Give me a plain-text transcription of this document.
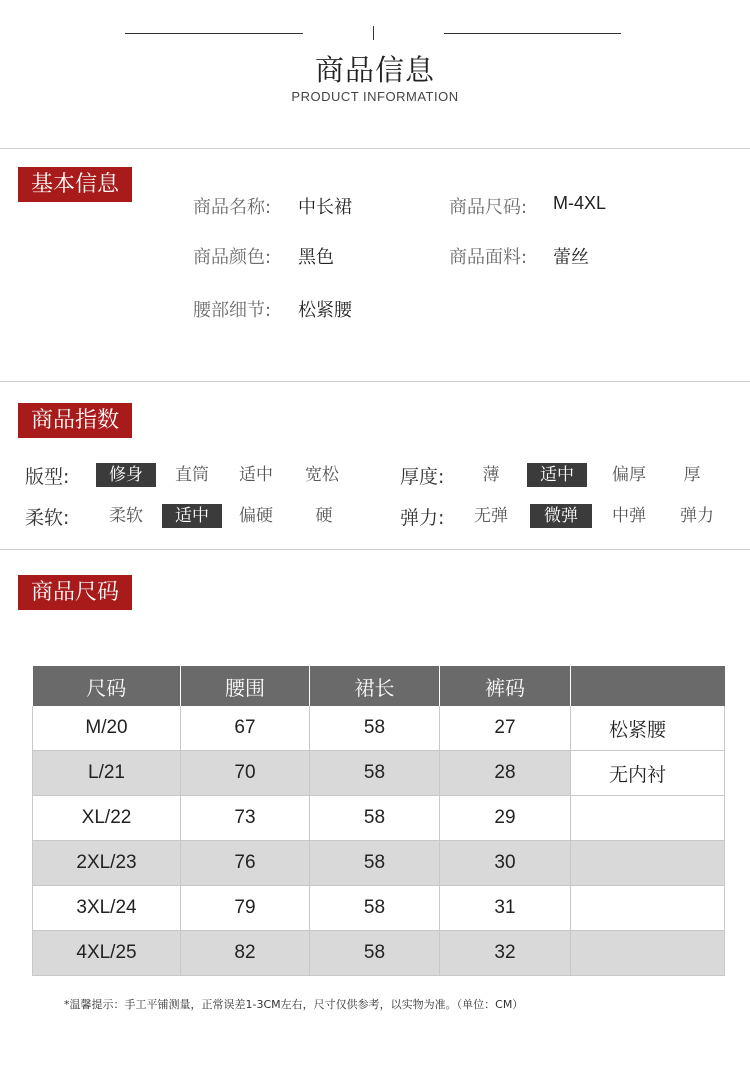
商品信息
PRODUCT INFORMATION
基本信息
商品名称: 中长裙	商品尺码: M-4XL
商品颜色: 黑色	商品面料: 蕾丝
腰部细节: 松紧腰
商品指数
版型:	修身	直筒	适中	宽松	厚度:	薄	适中	偏厚	厚
柔软:	柔软	适中	偏硬	硬	弹力:	无弹	微弹	中弹	弹力
商品尺码
尺码	腰围	裙长	裤码	
M/20	67	58	27	松紧腰
L/21	70	58	28	无内衬
XL/22	73	58	29	
2XL/23	76	58	30	
3XL/24	79	58	31	
4XL/25	82	58	32	
*温馨提示：手工平铺测量，正常误差1-3CM左右，尺寸仅供参考，以实物为准。（单位：CM）
